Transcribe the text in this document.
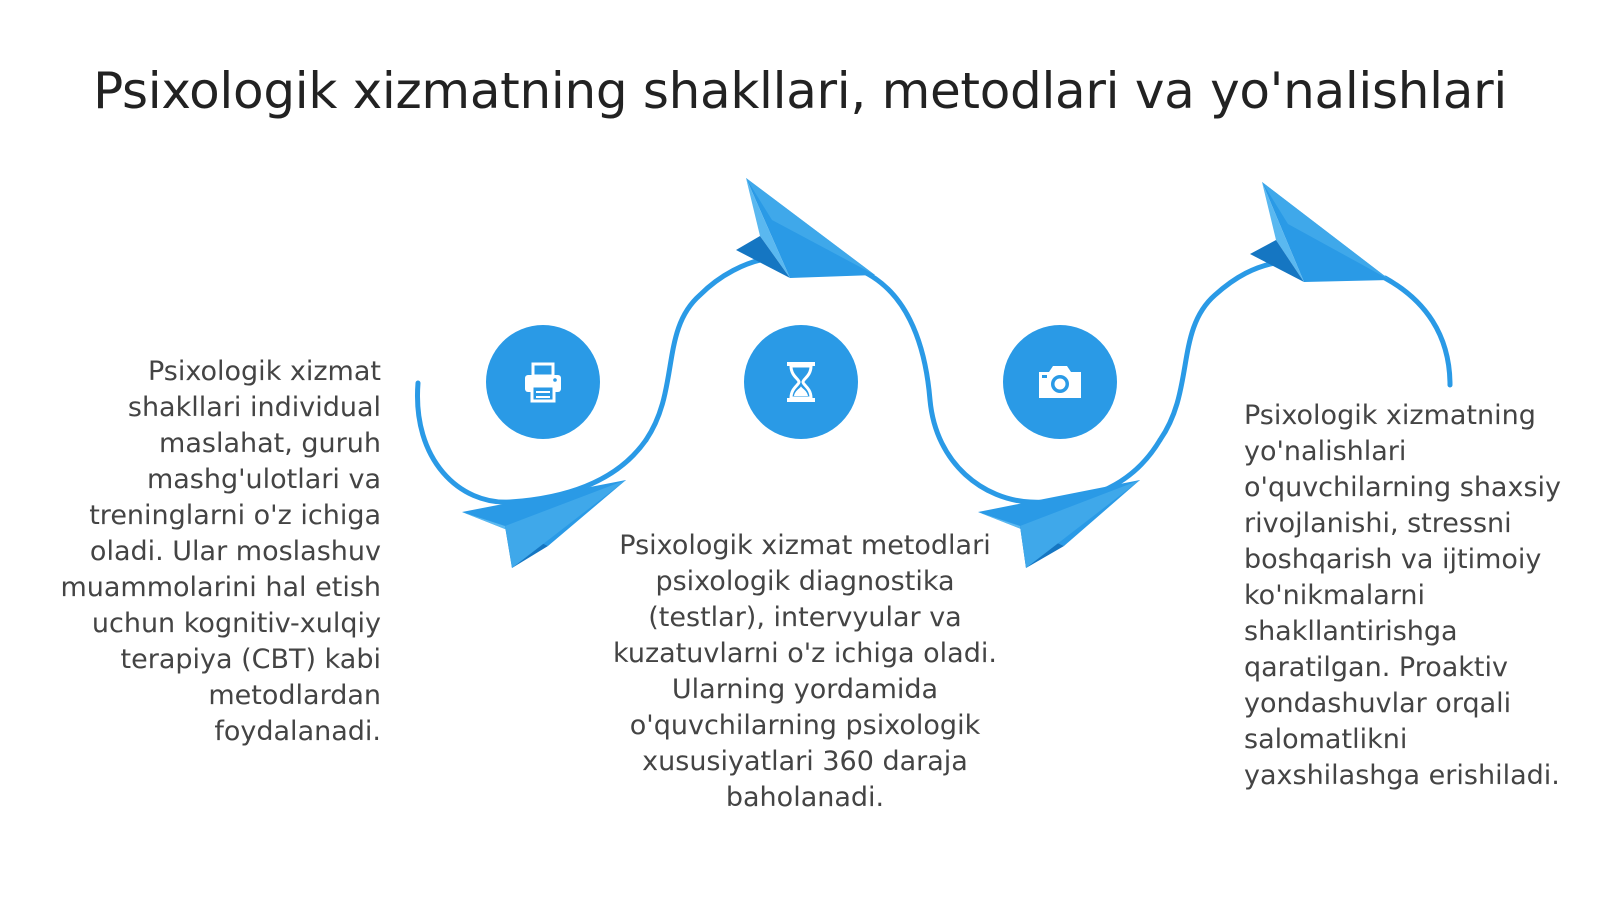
Psixologik xizmatning shakllari, metodlari va yo'nalishlari
Psixologik xizmat shakllari individual maslahat, guruh mashg'ulotlari va treninglarni o'z ichiga oladi. Ular moslashuv muammolarini hal etish uchun kognitiv-xulqiy terapiya (CBT) kabi metodlardan foydalanadi.
Psixologik xizmat metodlari psixologik diagnostika (testlar), intervyular va kuzatuvlarni o'z ichiga oladi. Ularning yordamida o'quvchilarning psixologik xususiyatlari 360 daraja baholanadi.
Psixologik xizmatning yo'nalishlari o'quvchilarning shaxsiy rivojlanishi, stressni boshqarish va ijtimoiy ko'nikmalarni shakllantirishga qaratilgan. Proaktiv yondashuvlar orqali salomatlikni yaxshilashga erishiladi.
